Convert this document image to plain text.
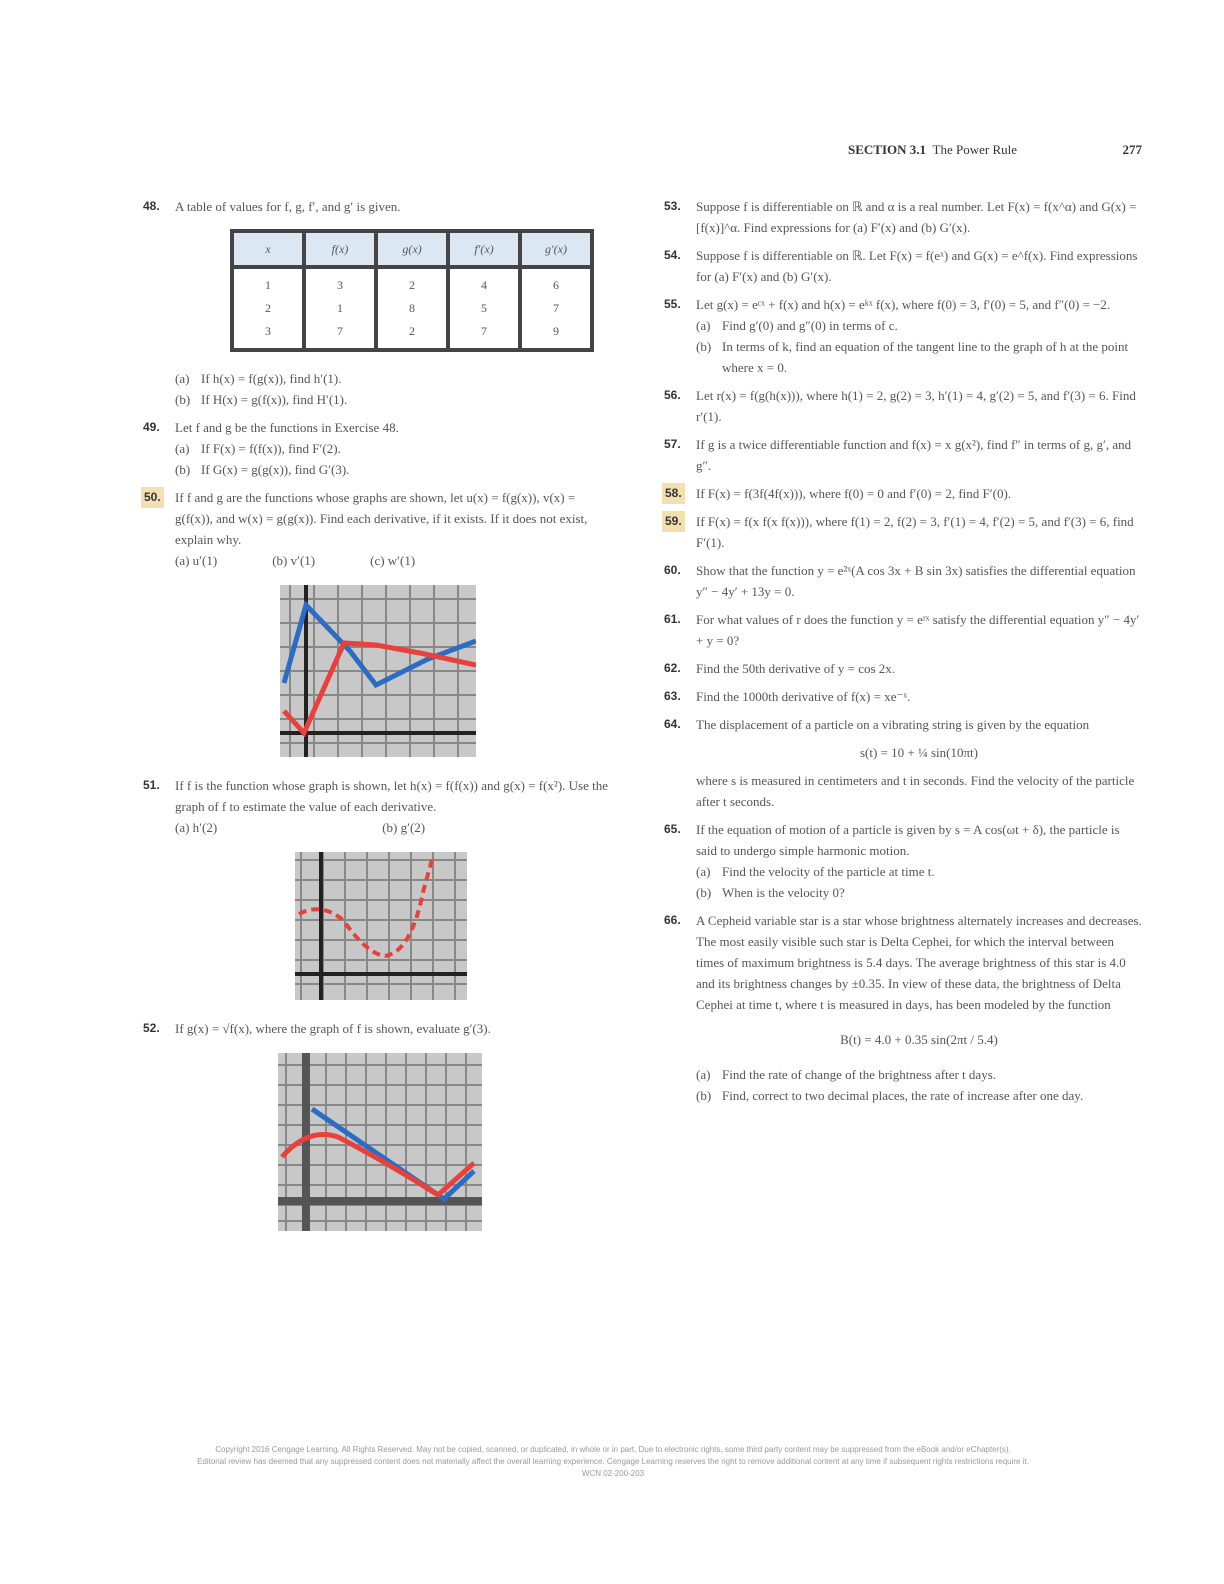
SECTION 3.1 The Power Rule	277
48. A table of values for f, g, f′, and g′ is given.
x	f(x)	g(x)	f′(x)	g′(x)
1	3	2	4	6
2	1	8	5	7
3	7	2	7	9
(a) If h(x) = f(g(x)), find h′(1).
(b) If H(x) = g(f(x)), find H′(1).
49. Let f and g be the functions in Exercise 48.
(a) If F(x) = f(f(x)), find F′(2).
(b) If G(x) = g(g(x)), find G′(3).
50. If f and g are the functions whose graphs are shown, let u(x) = f(g(x)), v(x) = g(f(x)), and w(x) = g(g(x)). Find each derivative, if it exists. If it does not exist, explain why.
(a) u′(1)	(b) v′(1)	(c) w′(1)
51. If f is the function whose graph is shown, let h(x) = f(f(x)) and g(x) = f(x²). Use the graph of f to estimate the value of each derivative.
(a) h′(2)	(b) g′(2)
52. If g(x) = √f(x), where the graph of f is shown, evaluate g′(3).
53. Suppose f is differentiable on ℝ and α is a real number. Let F(x) = f(x^α) and G(x) = [f(x)]^α. Find expressions for (a) F′(x) and (b) G′(x).
54. Suppose f is differentiable on ℝ. Let F(x) = f(eˣ) and G(x) = e^f(x). Find expressions for (a) F′(x) and (b) G′(x).
55. Let g(x) = eᶜˣ + f(x) and h(x) = eᵏˣ f(x), where f(0) = 3, f′(0) = 5, and f″(0) = −2.
(a) Find g′(0) and g″(0) in terms of c.
(b) In terms of k, find an equation of the tangent line to the graph of h at the point where x = 0.
56. Let r(x) = f(g(h(x))), where h(1) = 2, g(2) = 3, h′(1) = 4, g′(2) = 5, and f′(3) = 6. Find r′(1).
57. If g is a twice differentiable function and f(x) = x g(x²), find f″ in terms of g, g′, and g″.
58. If F(x) = f(3f(4f(x))), where f(0) = 0 and f′(0) = 2, find F′(0).
59. If F(x) = f(x f(x f(x))), where f(1) = 2, f(2) = 3, f′(1) = 4, f′(2) = 5, and f′(3) = 6, find F′(1).
60. Show that the function y = e²ˣ(A cos 3x + B sin 3x) satisfies the differential equation y″ − 4y′ + 13y = 0.
61. For what values of r does the function y = eʳˣ satisfy the differential equation y″ − 4y′ + y = 0?
62. Find the 50th derivative of y = cos 2x.
63. Find the 1000th derivative of f(x) = xe⁻ˣ.
64. The displacement of a particle on a vibrating string is given by the equation
s(t) = 10 + ¼ sin(10πt)
where s is measured in centimeters and t in seconds. Find the velocity of the particle after t seconds.
65. If the equation of motion of a particle is given by s = A cos(ωt + δ), the particle is said to undergo simple harmonic motion.
(a) Find the velocity of the particle at time t.
(b) When is the velocity 0?
66. A Cepheid variable star is a star whose brightness alternately increases and decreases. The most easily visible such star is Delta Cephei, for which the interval between times of maximum brightness is 5.4 days. The average brightness of this star is 4.0 and its brightness changes by ±0.35. In view of these data, the brightness of Delta Cephei at time t, where t is measured in days, has been modeled by the function
B(t) = 4.0 + 0.35 sin(2πt / 5.4)
(a) Find the rate of change of the brightness after t days.
(b) Find, correct to two decimal places, the rate of increase after one day.
Copyright 2016 Cengage Learning. All Rights Reserved. May not be copied, scanned, or duplicated, in whole or in part. Due to electronic rights, some third party content may be suppressed from the eBook and/or eChapter(s).
Editorial review has deemed that any suppressed content does not materially affect the overall learning experience. Cengage Learning reserves the right to remove additional content at any time if subsequent rights restrictions require it.
WCN 02-200-203
